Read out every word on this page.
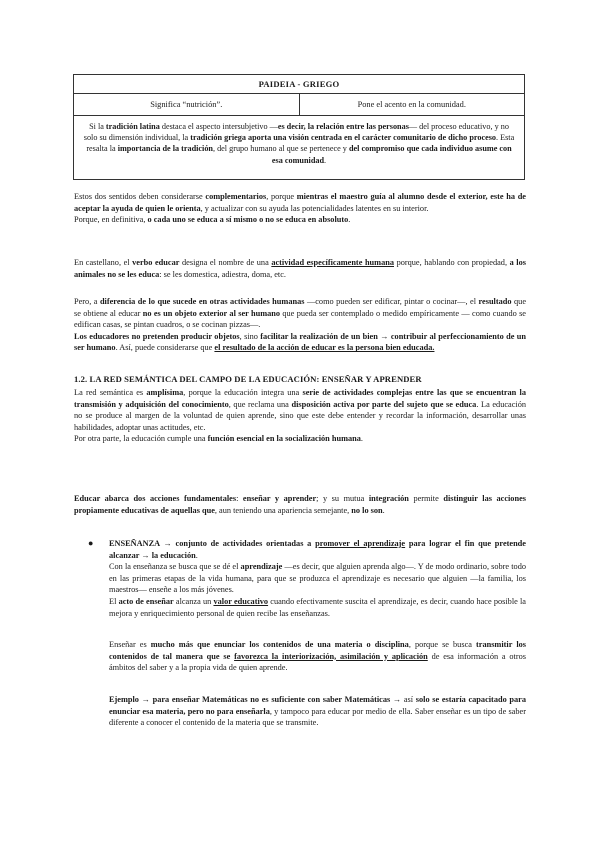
PAIDEIA - GRIEGO
Significa “nutrición”.	Pone el acento en la comunidad.
Si la tradición latina destaca el aspecto intersubjetivo —es decir, la relación entre las personas— del proceso educativo, y no solo su dimensión individual, la tradición griega aporta una visión centrada en el carácter comunitario de dicho proceso. Esta resalta la importancia de la tradición, del grupo humano al que se pertenece y del compromiso que cada individuo asume con esa comunidad.

Estos dos sentidos deben considerarse complementarios, porque mientras el maestro guía al alumno desde el exterior, este ha de aceptar la ayuda de quien le orienta, y actualizar con su ayuda las potencialidades latentes en su interior.

Porque, en definitiva, o cada uno se educa a sí mismo o no se educa en absoluto.

En castellano, el verbo educar designa el nombre de una actividad específicamente humana porque, hablando con propiedad, a los animales no se les educa: se les domestica, adiestra, doma, etc.

Pero, a diferencia de lo que sucede en otras actividades humanas —como pueden ser edificar, pintar o cocinar—, el resultado que se obtiene al educar no es un objeto exterior al ser humano que pueda ser contemplado o medido empíricamente — como cuando se edifican casas, se pintan cuadros, o se cocinan pizzas—.

Los educadores no pretenden producir objetos, sino facilitar la realización de un bien → contribuir al perfeccionamiento de un ser humano. Así, puede considerarse que el resultado de la acción de educar es la persona bien educada.

1.2. LA RED SEMÁNTICA DEL CAMPO DE LA EDUCACIÓN: ENSEÑAR Y APRENDER

La red semántica es amplísima, porque la educación integra una serie de actividades complejas entre las que se encuentran la transmisión y adquisición del conocimiento, que reclama una disposición activa por parte del sujeto que se educa. La educación no se produce al margen de la voluntad de quien aprende, sino que este debe entender y recordar la información, desarrollar unas habilidades, adoptar unas actitudes, etc.

Por otra parte, la educación cumple una función esencial en la socialización humana.

Educar abarca dos acciones fundamentales: enseñar y aprender; y su mutua integración permite distinguir las acciones propiamente educativas de aquellas que, aun teniendo una apariencia semejante, no lo son.

● ENSEÑANZA → conjunto de actividades orientadas a promover el aprendizaje para lograr el fin que pretende alcanzar → la educación.

Con la enseñanza se busca que se dé el aprendizaje —es decir, que alguien aprenda algo—. Y de modo ordinario, sobre todo en las primeras etapas de la vida humana, para que se produzca el aprendizaje es necesario que alguien —la familia, los maestros— enseñe a los más jóvenes.

El acto de enseñar alcanza un valor educativo cuando efectivamente suscita el aprendizaje, es decir, cuando hace posible la mejora y enriquecimiento personal de quien recibe las enseñanzas.

Enseñar es mucho más que enunciar los contenidos de una materia o disciplina, porque se busca transmitir los contenidos de tal manera que se favorezca la interiorización, asimilación y aplicación de esa información a otros ámbitos del saber y a la propia vida de quien aprende.

Ejemplo → para enseñar Matemáticas no es suficiente con saber Matemáticas → así solo se estaría capacitado para enunciar esa materia, pero no para enseñarla, y tampoco para educar por medio de ella. Saber enseñar es un tipo de saber diferente a conocer el contenido de la materia que se transmite.
